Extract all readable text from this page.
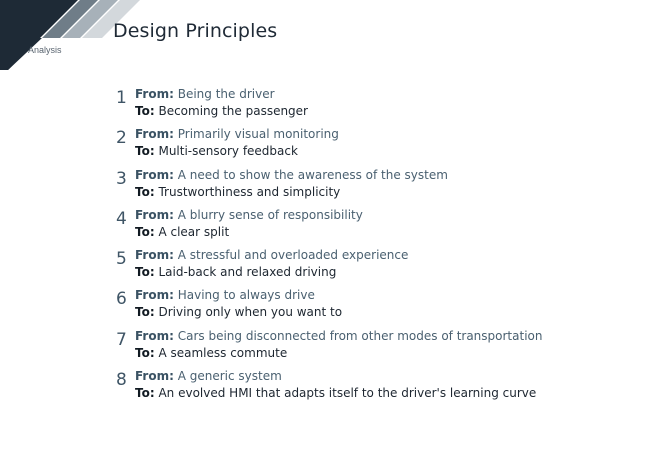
Analysis
Design Principles
1 From: Being the driver
To: Becoming the passenger
2 From: Primarily visual monitoring
To: Multi-sensory feedback
3 From: A need to show the awareness of the system
To: Trustworthiness and simplicity
4 From: A blurry sense of responsibility
To: A clear split
5 From: A stressful and overloaded experience
To: Laid-back and relaxed driving
6 From: Having to always drive
To: Driving only when you want to
7 From: Cars being disconnected from other modes of transportation
To: A seamless commute
8 From: A generic system
To: An evolved HMI that adapts itself to the driver's learning curve
